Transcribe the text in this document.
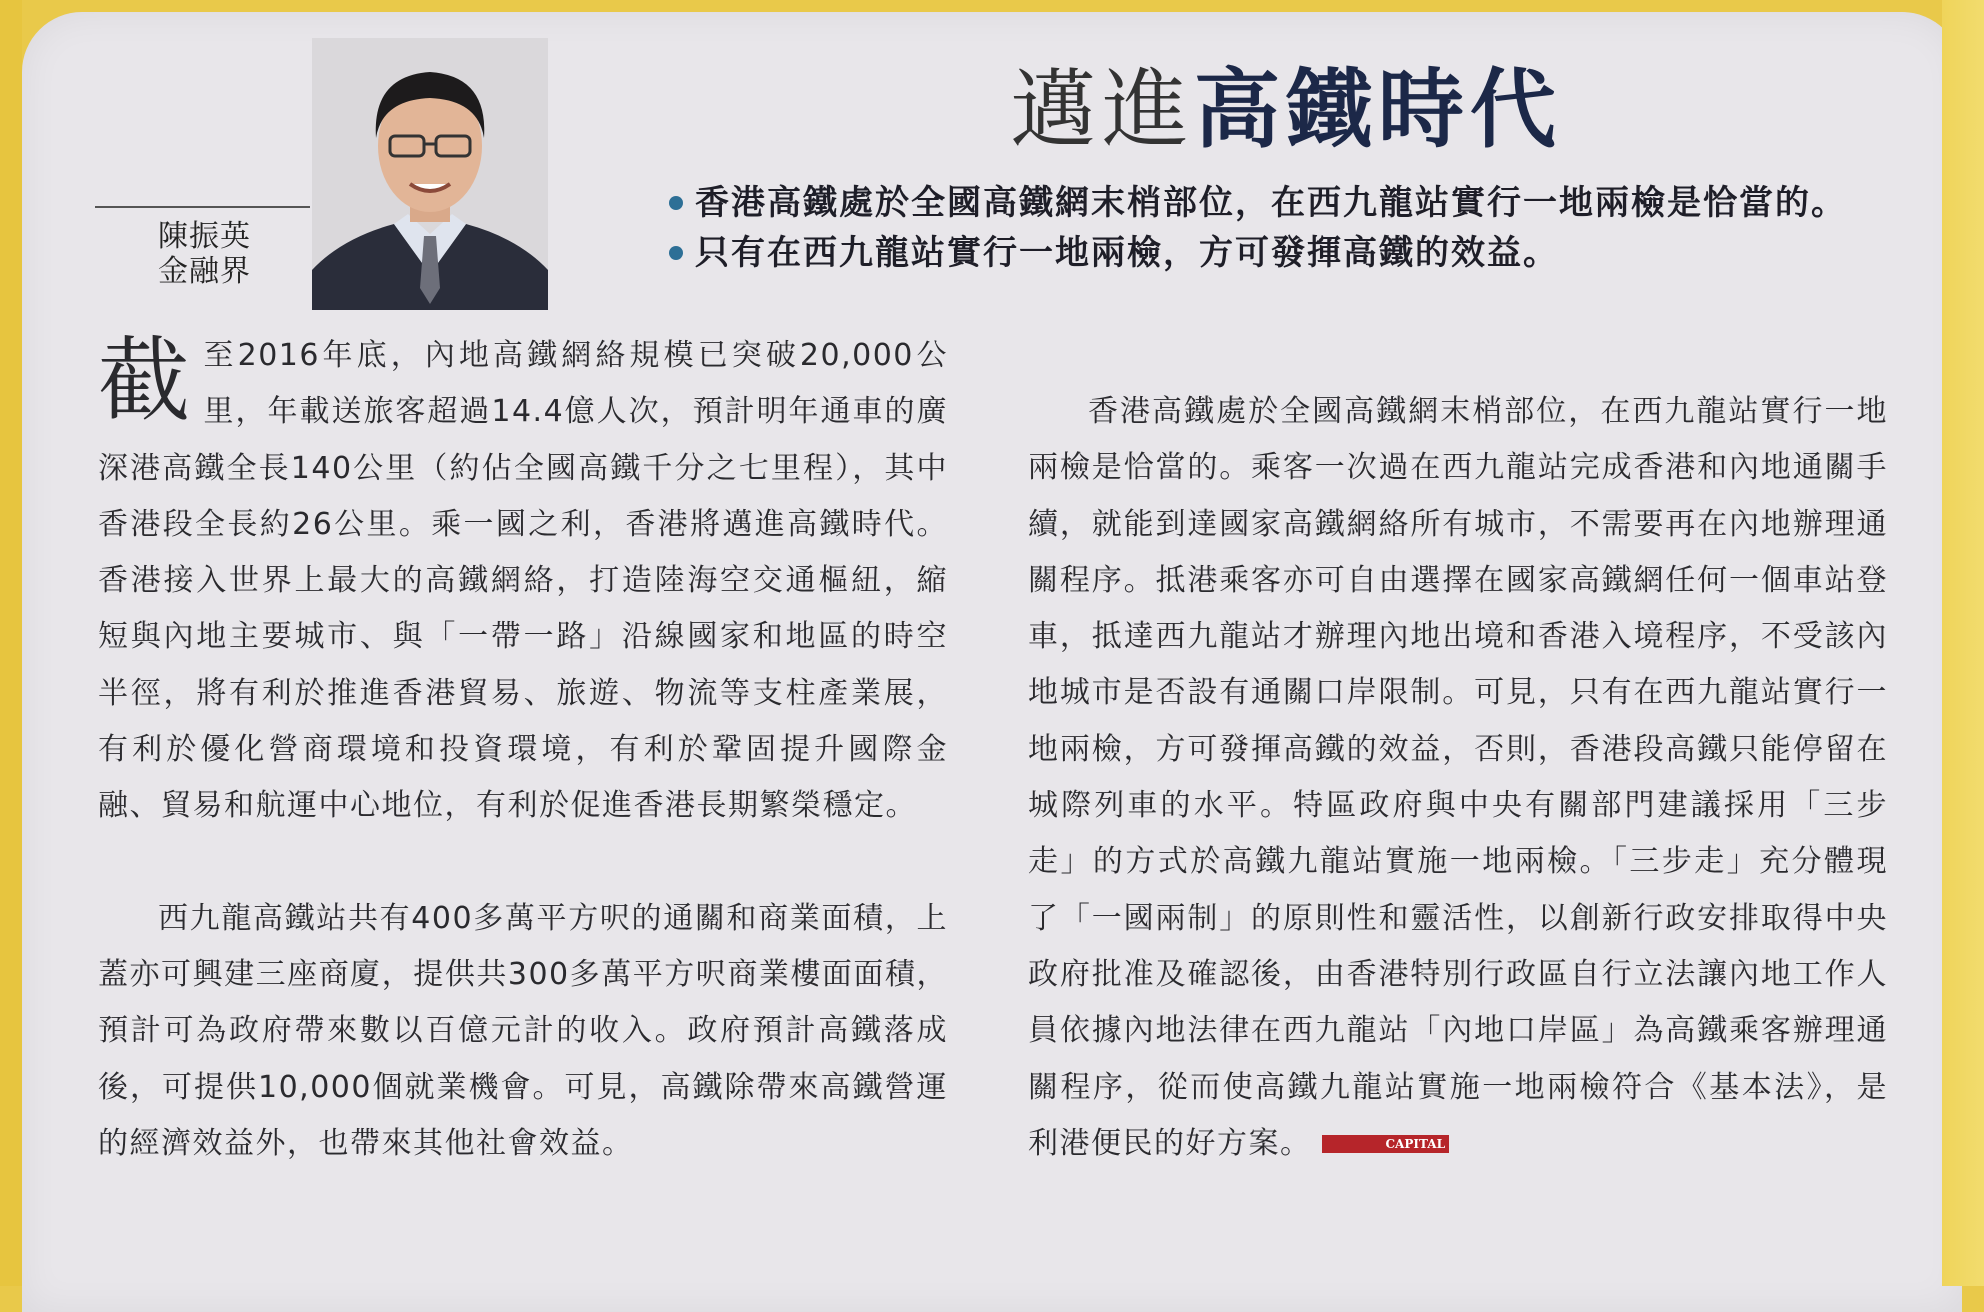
陳振英
金融界
邁進高鐵時代
香港高鐵處於全國高鐵網末梢部位，在西九龍站實行一地兩檢是恰當的。
只有在西九龍站實行一地兩檢，方可發揮高鐵的效益。

截至2016年底，內地高鐵網絡規模已突破20,000公里，年載送旅客超過14.4億人次，預計明年通車的廣深港高鐵全長140公里（約佔全國高鐵千分之七里程），其中香港段全長約26公里。乘一國之利，香港將邁進高鐵時代。香港接入世界上最大的高鐵網絡，打造陸海空交通樞紐，縮短與內地主要城市、與「一帶一路」沿線國家和地區的時空半徑，將有利於推進香港貿易、旅遊、物流等支柱產業展，有利於優化營商環境和投資環境，有利於鞏固提升國際金融、貿易和航運中心地位，有利於促進香港長期繁榮穩定。

西九龍高鐵站共有400多萬平方呎的通關和商業面積，上蓋亦可興建三座商廈，提供共300多萬平方呎商業樓面面積，預計可為政府帶來數以百億元計的收入。政府預計高鐵落成後，可提供10,000個就業機會。可見，高鐵除帶來高鐵營運的經濟效益外，也帶來其他社會效益。

香港高鐵處於全國高鐵網末梢部位，在西九龍站實行一地兩檢是恰當的。乘客一次過在西九龍站完成香港和內地通關手續，就能到達國家高鐵網絡所有城市，不需要再在內地辦理通關程序。抵港乘客亦可自由選擇在國家高鐵網任何一個車站登車，抵達西九龍站才辦理內地出境和香港入境程序，不受該內地城市是否設有通關口岸限制。可見，只有在西九龍站實行一地兩檢，方可發揮高鐵的效益，否則，香港段高鐵只能停留在城際列車的水平。特區政府與中央有關部門建議採用「三步走」的方式於高鐵九龍站實施一地兩檢。「三步走」充分體現了「一國兩制」的原則性和靈活性，以創新行政安排取得中央政府批准及確認後，由香港特別行政區自行立法讓內地工作人員依據內地法律在西九龍站「內地口岸區」為高鐵乘客辦理通關程序，從而使高鐵九龍站實施一地兩檢符合《基本法》，是利港便民的好方案。	CAPITAL
